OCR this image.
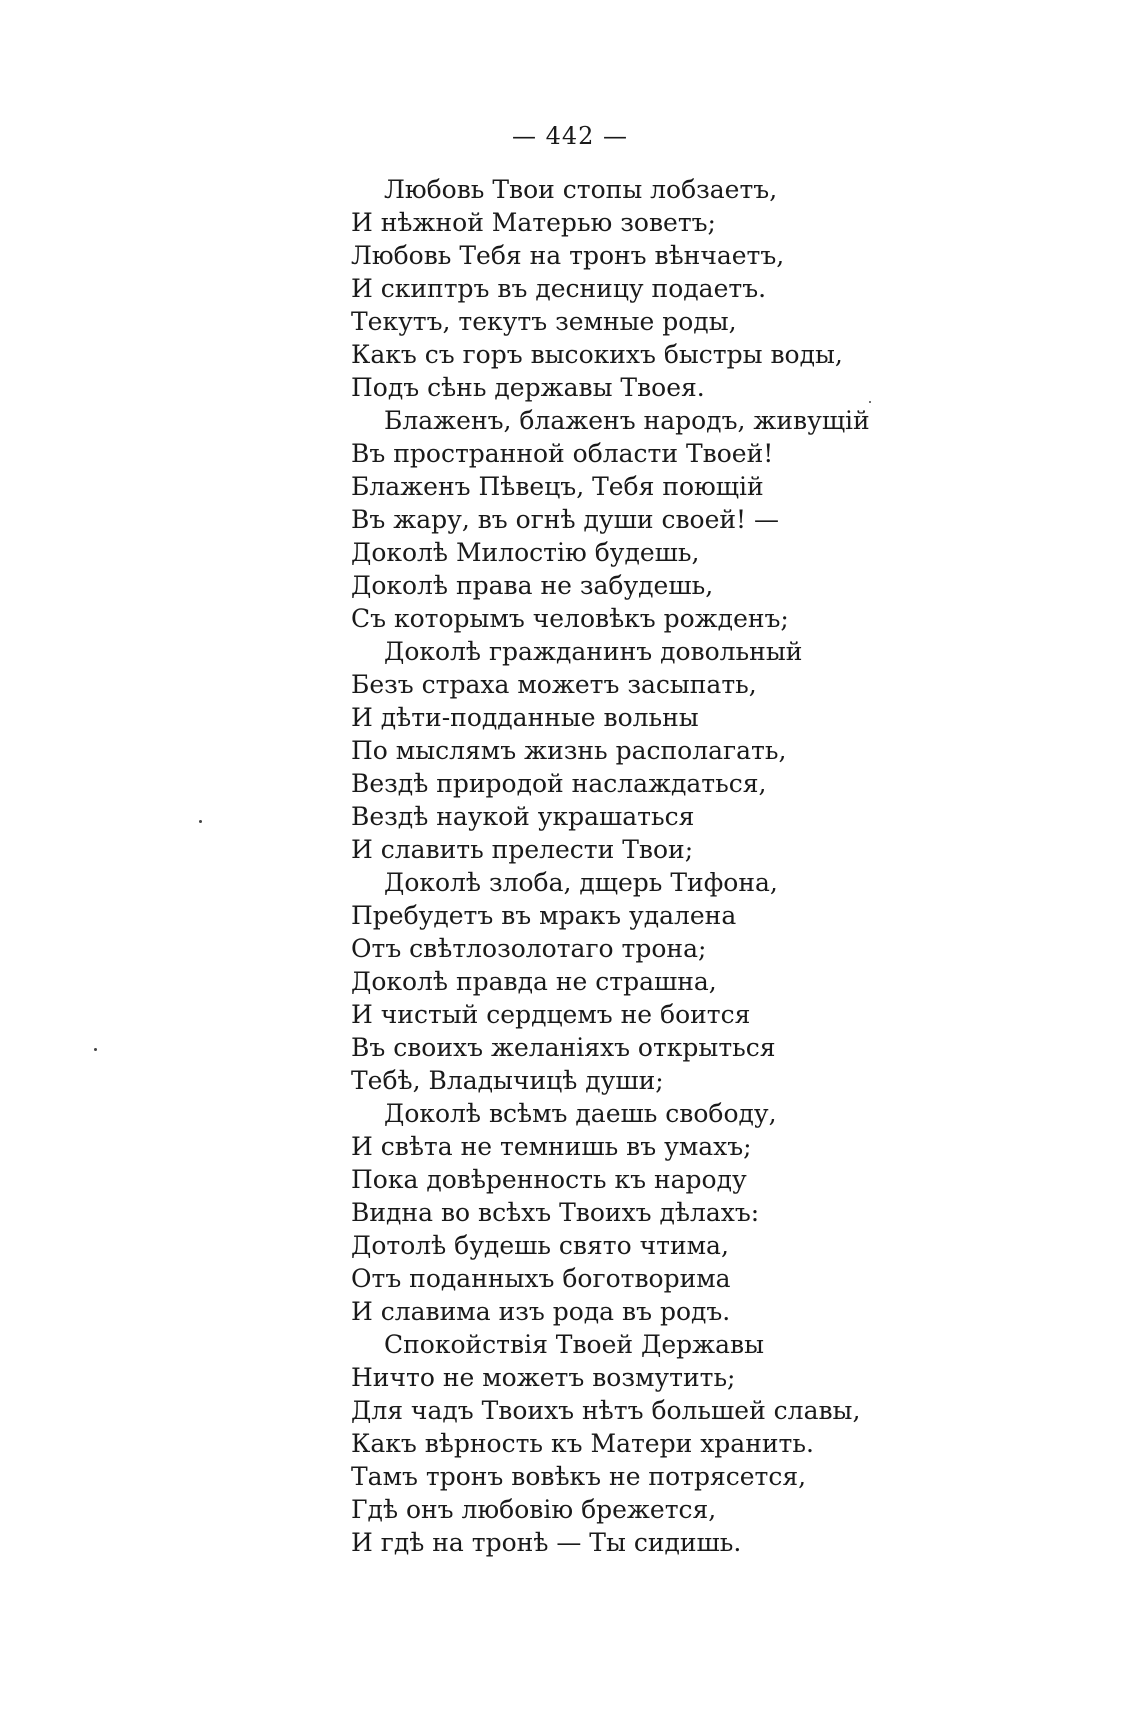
— 442 —
Любовь Твои стопы лобзаетъ,
И нѣжной Матерью зоветъ;
Любовь Тебя на тронъ вѣнчаетъ,
И скиптръ въ десницу подаетъ.
Текутъ, текутъ земные роды,
Какъ съ горъ высокихъ быстры воды,
Подъ сѣнь державы Твоея.
Блаженъ, блаженъ народъ, живущій
Въ пространной области Твоей!
Блаженъ Пѣвецъ, Тебя поющій
Въ жару, въ огнѣ души своей! —
Доколѣ Милостію будешь,
Доколѣ права не забудешь,
Съ которымъ человѣкъ рожденъ;
Доколѣ гражданинъ довольный
Безъ страха можетъ засыпать,
И дѣти-подданные вольны
По мыслямъ жизнь располагать,
Вездѣ природой наслаждаться,
Вездѣ наукой украшаться
И славить прелести Твои;
Доколѣ злоба, дщерь Тифона,
Пребудетъ въ мракъ удалена
Отъ свѣтлозолотаго трона;
Доколѣ правда не страшна,
И чистый сердцемъ не боится
Въ своихъ желаніяхъ открыться
Тебѣ, Владычицѣ души;
Доколѣ всѣмъ даешь свободу,
И свѣта не темнишь въ умахъ;
Пока довѣренность къ народу
Видна во всѣхъ Твоихъ дѣлахъ:
Дотолѣ будешь свято чтима,
Отъ поданныхъ боготворима
И славима изъ рода въ родъ.
Спокойствія Твоей Державы
Ничто не можетъ возмутить;
Для чадъ Твоихъ нѣтъ большей славы,
Какъ вѣрность къ Матери хранить.
Тамъ тронъ вовѣкъ не потрясется,
Гдѣ онъ любовію брежется,
И гдѣ на тронѣ — Ты сидишь.
